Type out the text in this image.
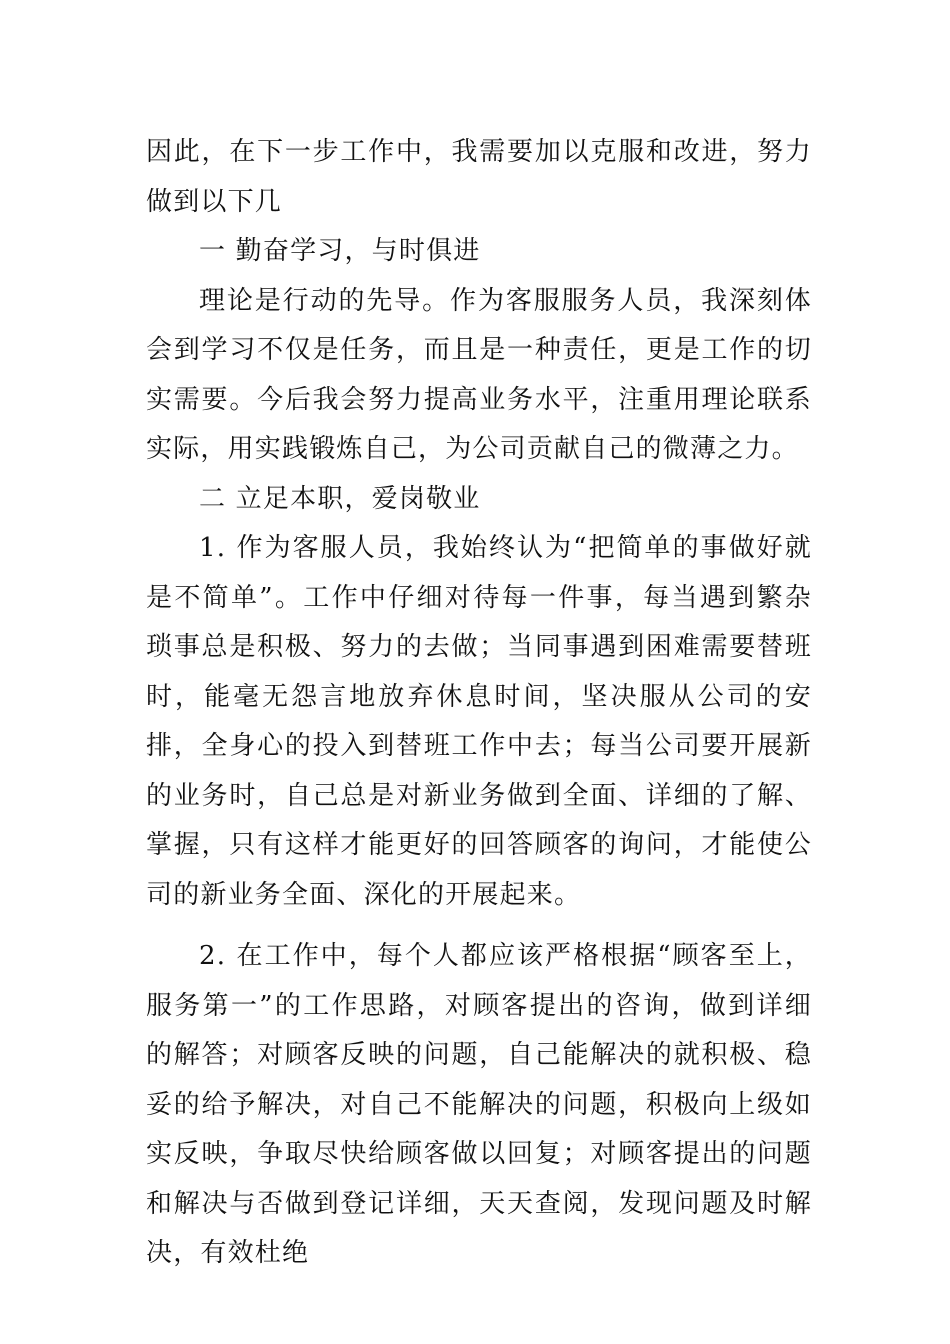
因此，在下一步工作中，我需要加以克服和改进，努力做到以下几

一 勤奋学习，与时俱进

理论是行动的先导。作为客服服务人员，我深刻体会到学习不仅是任务，而且是一种责任，更是工作的切实需要。今后我会努力提高业务水平，注重用理论联系实际，用实践锻炼自己，为公司贡献自己的微薄之力。

二 立足本职，爱岗敬业

1. 作为客服人员，我始终认为“把简单的事做好就是不简单”。工作中仔细对待每一件事，每当遇到繁杂琐事总是积极、努力的去做；当同事遇到困难需要替班时，能毫无怨言地放弃休息时间，坚决服从公司的安排，全身心的投入到替班工作中去；每当公司要开展新的业务时，自己总是对新业务做到全面、详细的了解、掌握，只有这样才能更好的回答顾客的询问，才能使公司的新业务全面、深化的开展起来。

2. 在工作中，每个人都应该严格根据“顾客至上，服务第一”的工作思路，对顾客提出的咨询，做到详细的解答；对顾客反映的问题，自己能解决的就积极、稳妥的给予解决，对自己不能解决的问题，积极向上级如实反映，争取尽快给顾客做以回复；对顾客提出的问题和解决与否做到登记详细，天天查阅，发现问题及时解决，有效杜绝
